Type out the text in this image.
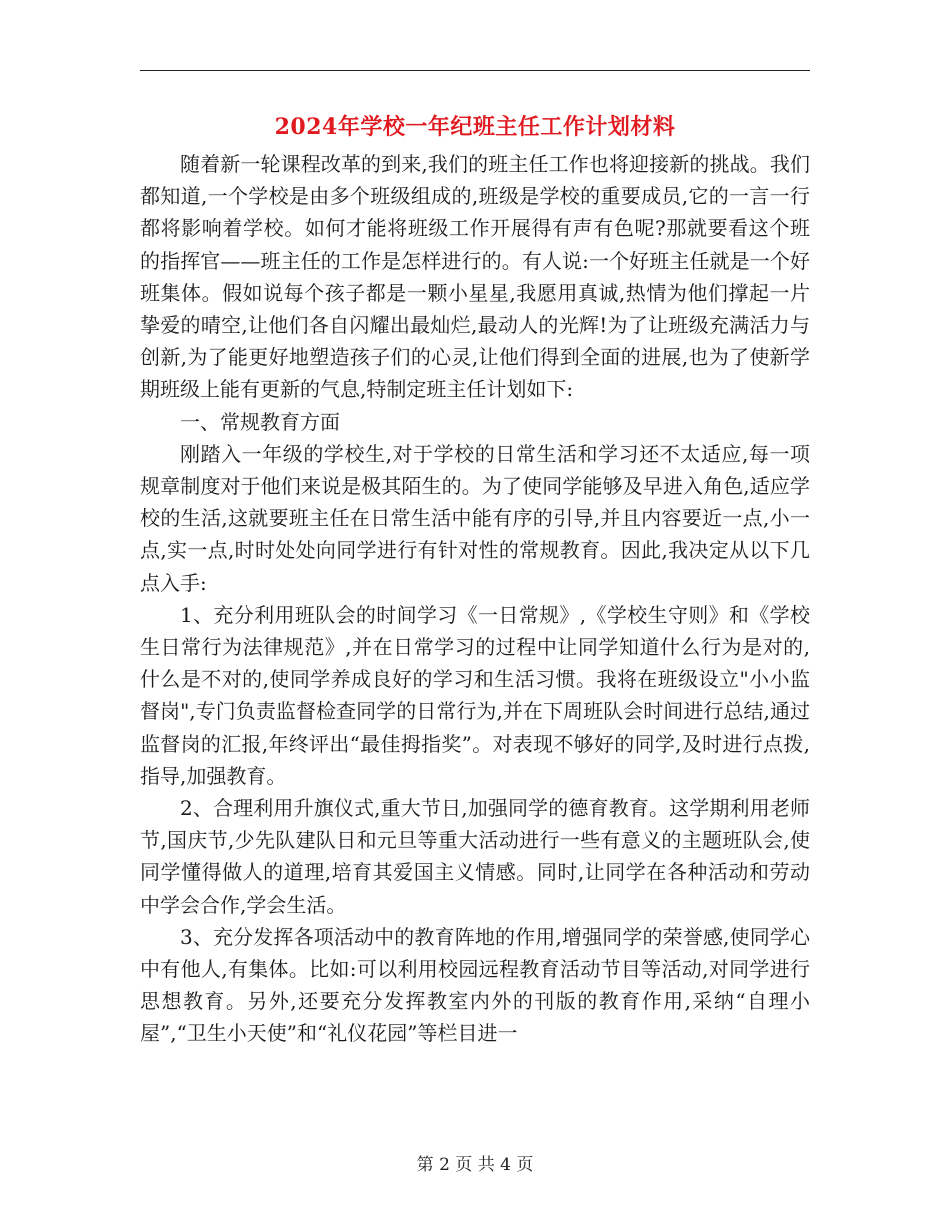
2024年学校一年纪班主任工作计划材料

随着新一轮课程改革的到来,我们的班主任工作也将迎接新的挑战。我们都知道,一个学校是由多个班级组成的,班级是学校的重要成员,它的一言一行都将影响着学校。如何才能将班级工作开展得有声有色呢?那就要看这个班的指挥官——班主任的工作是怎样进行的。有人说:一个好班主任就是一个好班集体。假如说每个孩子都是一颗小星星,我愿用真诚,热情为他们撑起一片挚爱的晴空,让他们各自闪耀出最灿烂,最动人的光辉!为了让班级充满活力与创新,为了能更好地塑造孩子们的心灵,让他们得到全面的进展,也为了使新学期班级上能有更新的气息,特制定班主任计划如下:

一、常规教育方面

刚踏入一年级的学校生,对于学校的日常生活和学习还不太适应,每一项规章制度对于他们来说是极其陌生的。为了使同学能够及早进入角色,适应学校的生活,这就要班主任在日常生活中能有序的引导,并且内容要近一点,小一点,实一点,时时处处向同学进行有针对性的常规教育。因此,我决定从以下几点入手:

1、充分利用班队会的时间学习《一日常规》,《学校生守则》和《学校生日常行为法律规范》,并在日常学习的过程中让同学知道什么行为是对的,什么是不对的,使同学养成良好的学习和生活习惯。我将在班级设立"小小监督岗",专门负责监督检查同学的日常行为,并在下周班队会时间进行总结,通过监督岗的汇报,年终评出“最佳拇指奖”。对表现不够好的同学,及时进行点拨,指导,加强教育。

2、合理利用升旗仪式,重大节日,加强同学的德育教育。这学期利用老师节,国庆节,少先队建队日和元旦等重大活动进行一些有意义的主题班队会,使同学懂得做人的道理,培育其爱国主义情感。同时,让同学在各种活动和劳动中学会合作,学会生活。

3、充分发挥各项活动中的教育阵地的作用,增强同学的荣誉感,使同学心中有他人,有集体。比如:可以利用校园远程教育活动节目等活动,对同学进行思想教育。另外,还要充分发挥教室内外的刊版的教育作用,采纳“自理小屋”,“卫生小天使”和“礼仪花园”等栏目进一

第 2 页 共 4 页
